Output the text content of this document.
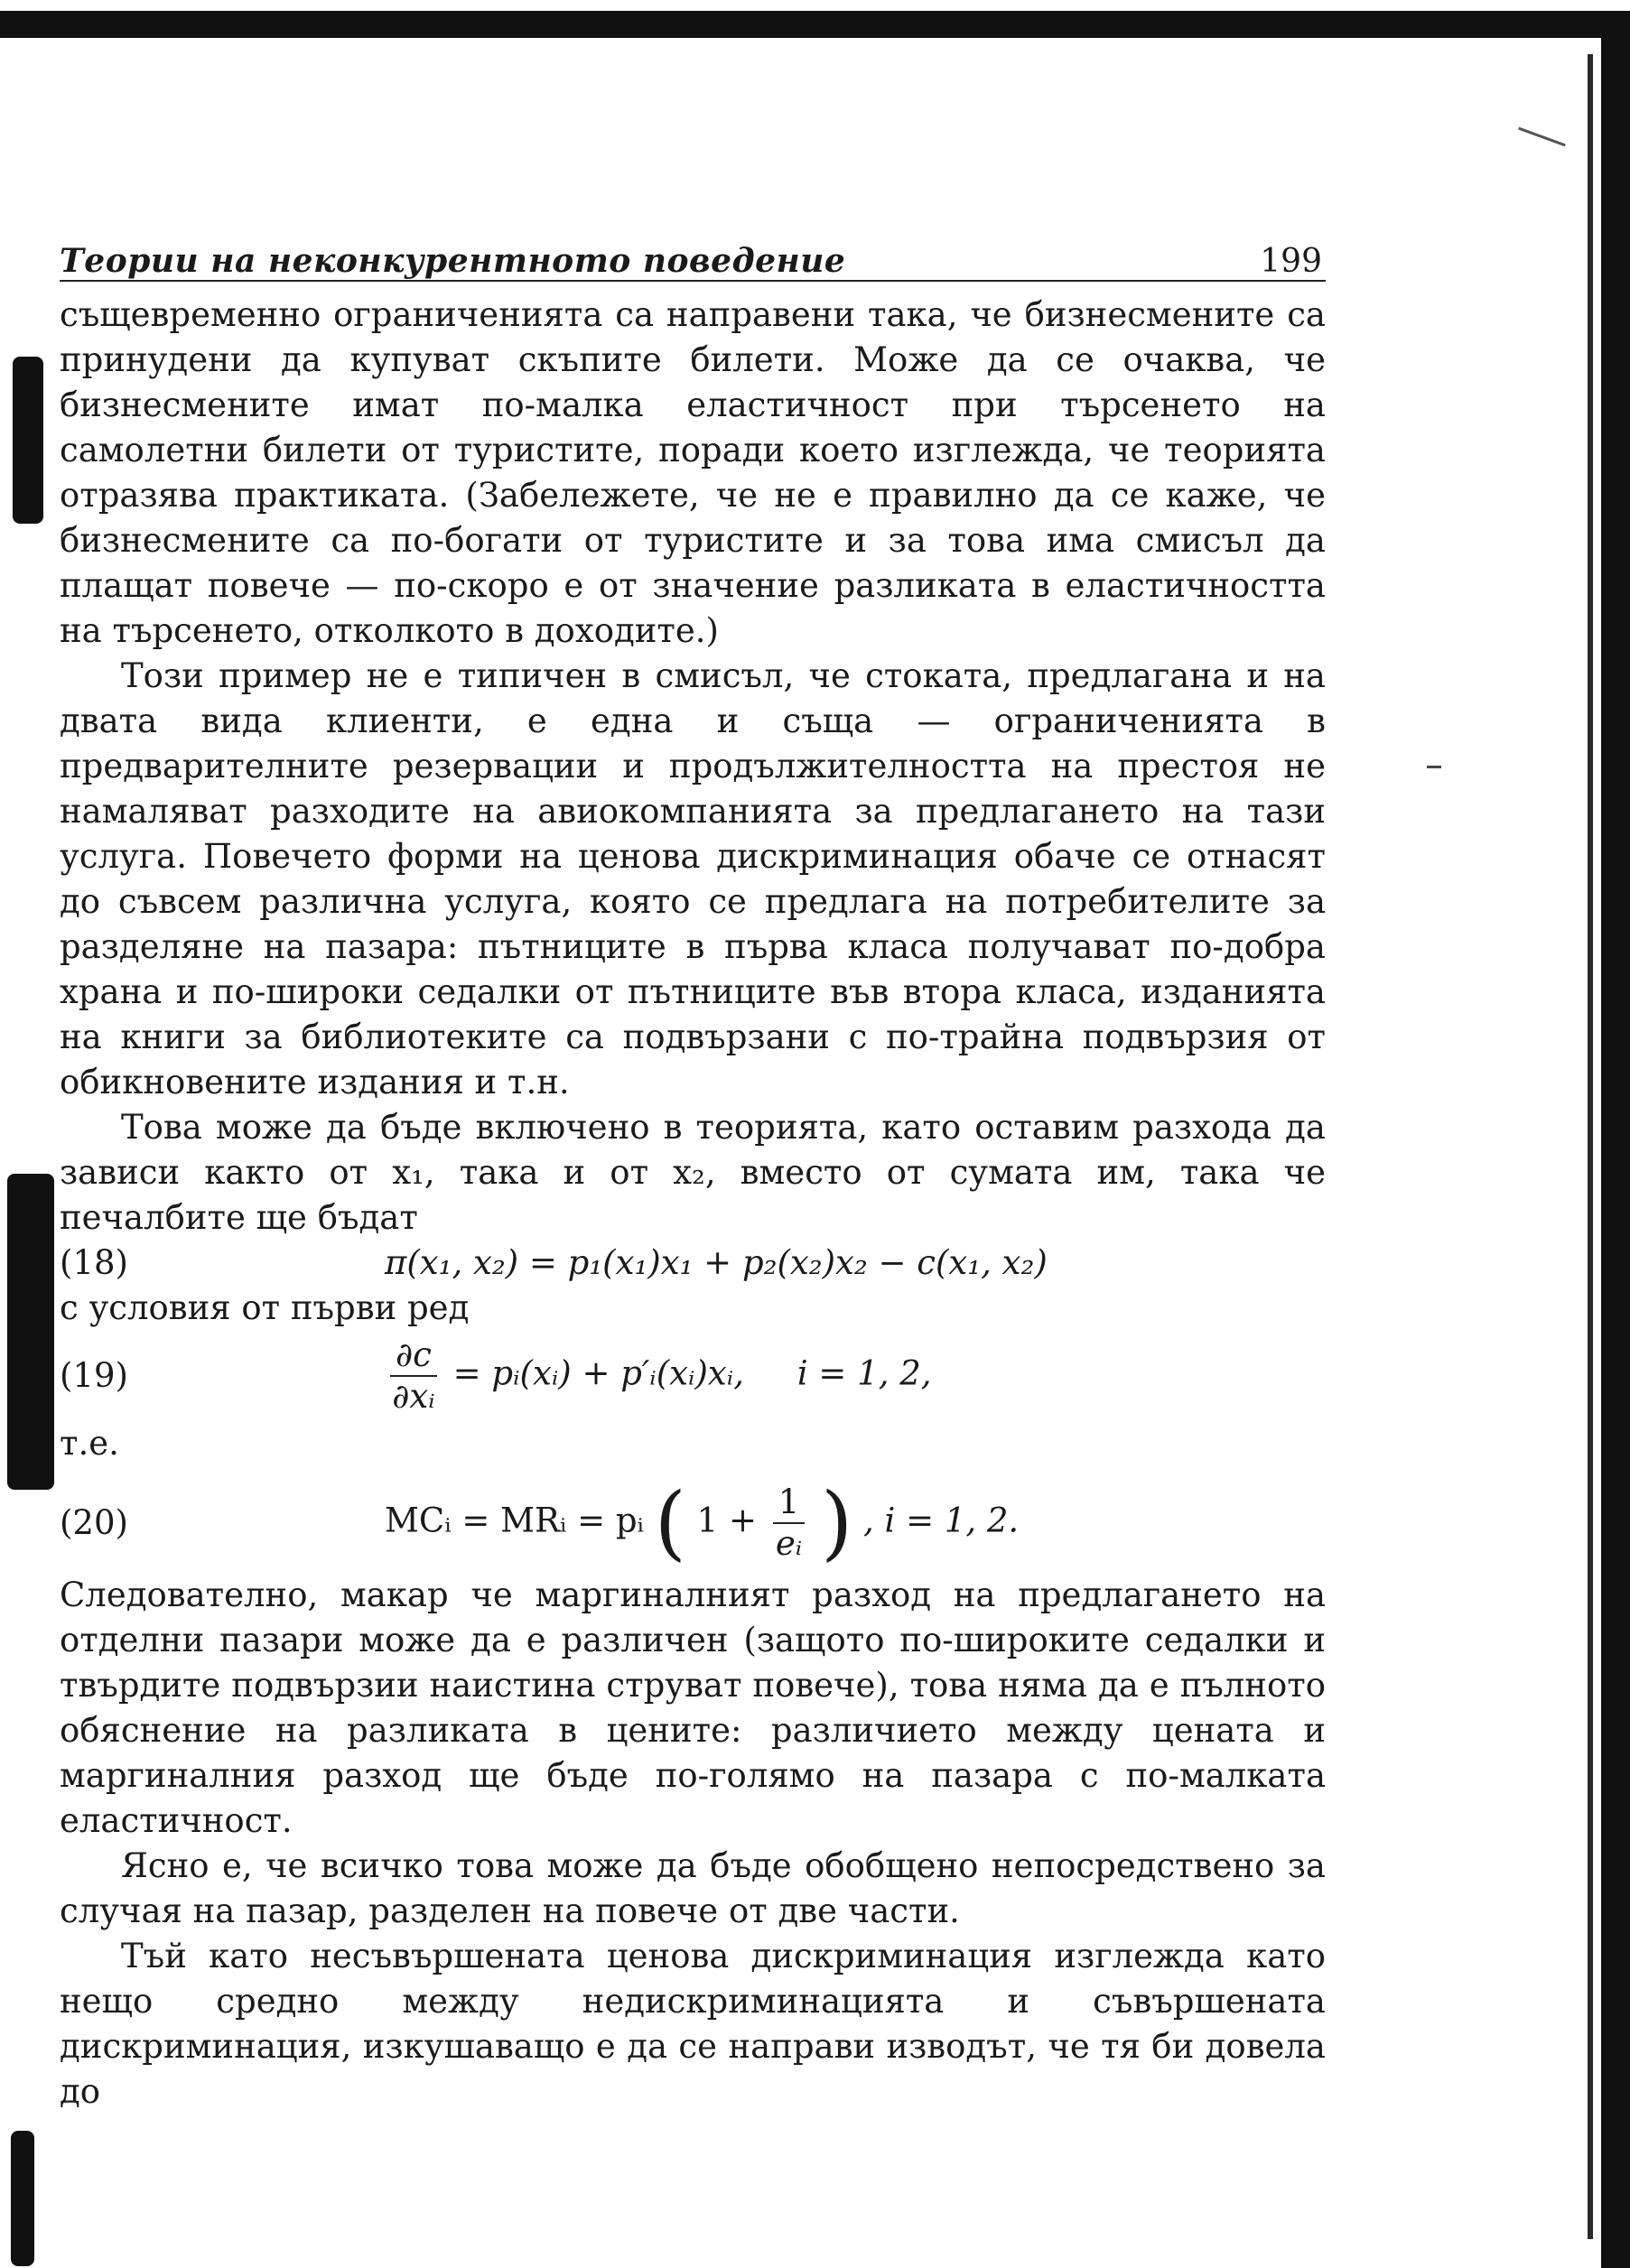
Теории на неконкурентното поведение	199

същевременно ограниченията са направени така, че бизнесмените са принудени да купуват скъпите билети. Може да се очаква, че бизнесмените имат по-малка еластичност при търсенето на самолетни билети от туристите, поради което изглежда, че теорията отразява практиката. (Забележете, че не е правилно да се каже, че бизнесмените са по-богати от туристите и за това има смисъл да плащат повече — по-скоро е от значение разликата в еластичността на търсенето, отколкото в доходите.)

Този пример не е типичен в смисъл, че стоката, предлагана и на двата вида клиенти, е една и съща — ограниченията в предварителните резервации и продължителността на престоя не намаляват разходите на авиокомпанията за предлагането на тази услуга. Повечето форми на ценова дискриминация обаче се отнасят до съвсем различна услуга, която се предлага на потребителите за разделяне на пазара: пътниците в първа класа получават по-добра храна и по-широки седалки от пътниците във втора класа, изданията на книги за библиотеките са подвързани с по-трайна подвързия от обикновените издания и т.н.

Това може да бъде включено в теорията, като оставим разхода да зависи както от x₁, така и от x₂, вместо от сумата им, така че печалбите ще бъдат

(18)	π(x₁, x₂) = p₁(x₁)x₁ + p₂(x₂)x₂ − c(x₁, x₂)
с условия от първи ред
(19)	$\frac{\partial c}{\text{∂xᵢ}}$ = pᵢ(xᵢ) + p′ᵢ(xᵢ)xᵢ, i = 1, 2,
т.е.
(20)	MCᵢ = MRᵢ = pᵢ ( $1 + \frac{1}{\text{eᵢ}}$ ) , i = 1, 2.

Следователно, макар че маргиналният разход на предлагането на отделни пазари може да е различен (защото по-широките седалки и твърдите подвързии наистина струват повече), това няма да е пълното обяснение на разликата в цените: различието между цената и маргиналния разход ще бъде по-голямо на пазара с по-малката еластичност.

Ясно е, че всичко това може да бъде обобщено непосредствено за случая на пазар, разделен на повече от две части.

Тъй като несъвършената ценова дискриминация изглежда като нещо средно между недискриминацията и съвършената дискриминация, изкушаващо е да се направи изводът, че тя би довела до
